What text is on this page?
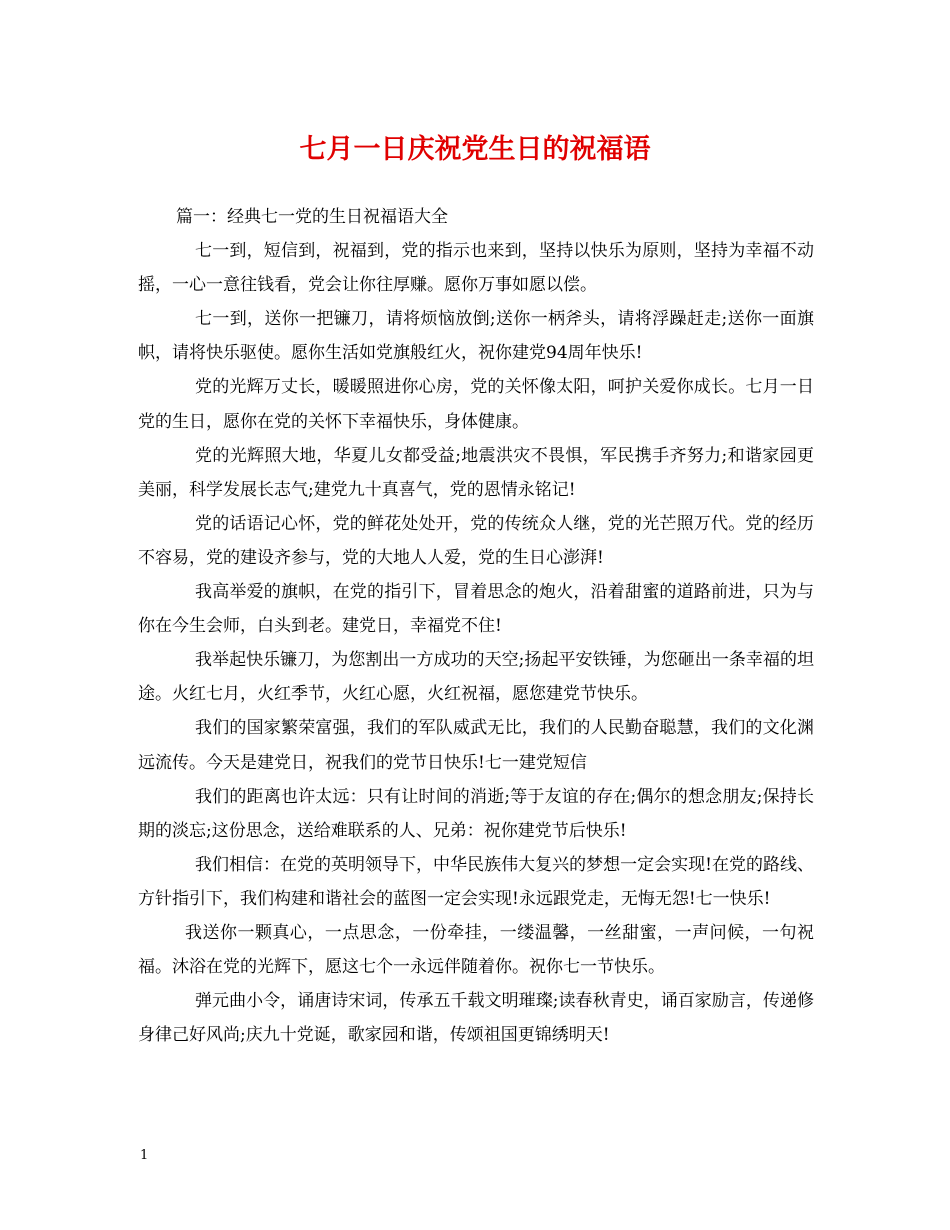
七月一日庆祝党生日的祝福语

篇一：经典七一党的生日祝福语大全

七一到，短信到，祝福到，党的指示也来到，坚持以快乐为原则，坚持为幸福不动摇，一心一意往钱看，党会让你往厚赚。愿你万事如愿以偿。

七一到，送你一把镰刀，请将烦恼放倒;送你一柄斧头，请将浮躁赶走;送你一面旗帜，请将快乐驱使。愿你生活如党旗般红火，祝你建党94周年快乐!

党的光辉万丈长，暖暖照进你心房，党的关怀像太阳，呵护关爱你成长。七月一日党的生日，愿你在党的关怀下幸福快乐，身体健康。

党的光辉照大地，华夏儿女都受益;地震洪灾不畏惧，军民携手齐努力;和谐家园更美丽，科学发展长志气;建党九十真喜气，党的恩情永铭记!

党的话语记心怀，党的鲜花处处开，党的传统众人继，党的光芒照万代。党的经历不容易，党的建设齐参与，党的大地人人爱，党的生日心澎湃!

我高举爱的旗帜，在党的指引下，冒着思念的炮火，沿着甜蜜的道路前进，只为与你在今生会师，白头到老。建党日，幸福党不住!

我举起快乐镰刀，为您割出一方成功的天空;扬起平安铁锤，为您砸出一条幸福的坦途。火红七月，火红季节，火红心愿，火红祝福，愿您建党节快乐。

我们的国家繁荣富强，我们的军队威武无比，我们的人民勤奋聪慧，我们的文化渊远流传。今天是建党日，祝我们的党节日快乐!七一建党短信

我们的距离也许太远：只有让时间的消逝;等于友谊的存在;偶尔的想念朋友;保持长期的淡忘;这份思念，送给难联系的人、兄弟：祝你建党节后快乐!

我们相信：在党的英明领导下，中华民族伟大复兴的梦想一定会实现!在党的路线、方针指引下，我们构建和谐社会的蓝图一定会实现!永远跟党走，无悔无怨!七一快乐!

我送你一颗真心，一点思念，一份牵挂，一缕温馨，一丝甜蜜，一声问候，一句祝福。沐浴在党的光辉下，愿这七个一永远伴随着你。祝你七一节快乐。

弹元曲小令，诵唐诗宋词，传承五千载文明璀璨;读春秋青史，诵百家励言，传递修身律己好风尚;庆九十党诞，歌家园和谐，传颂祖国更锦绣明天!

1
